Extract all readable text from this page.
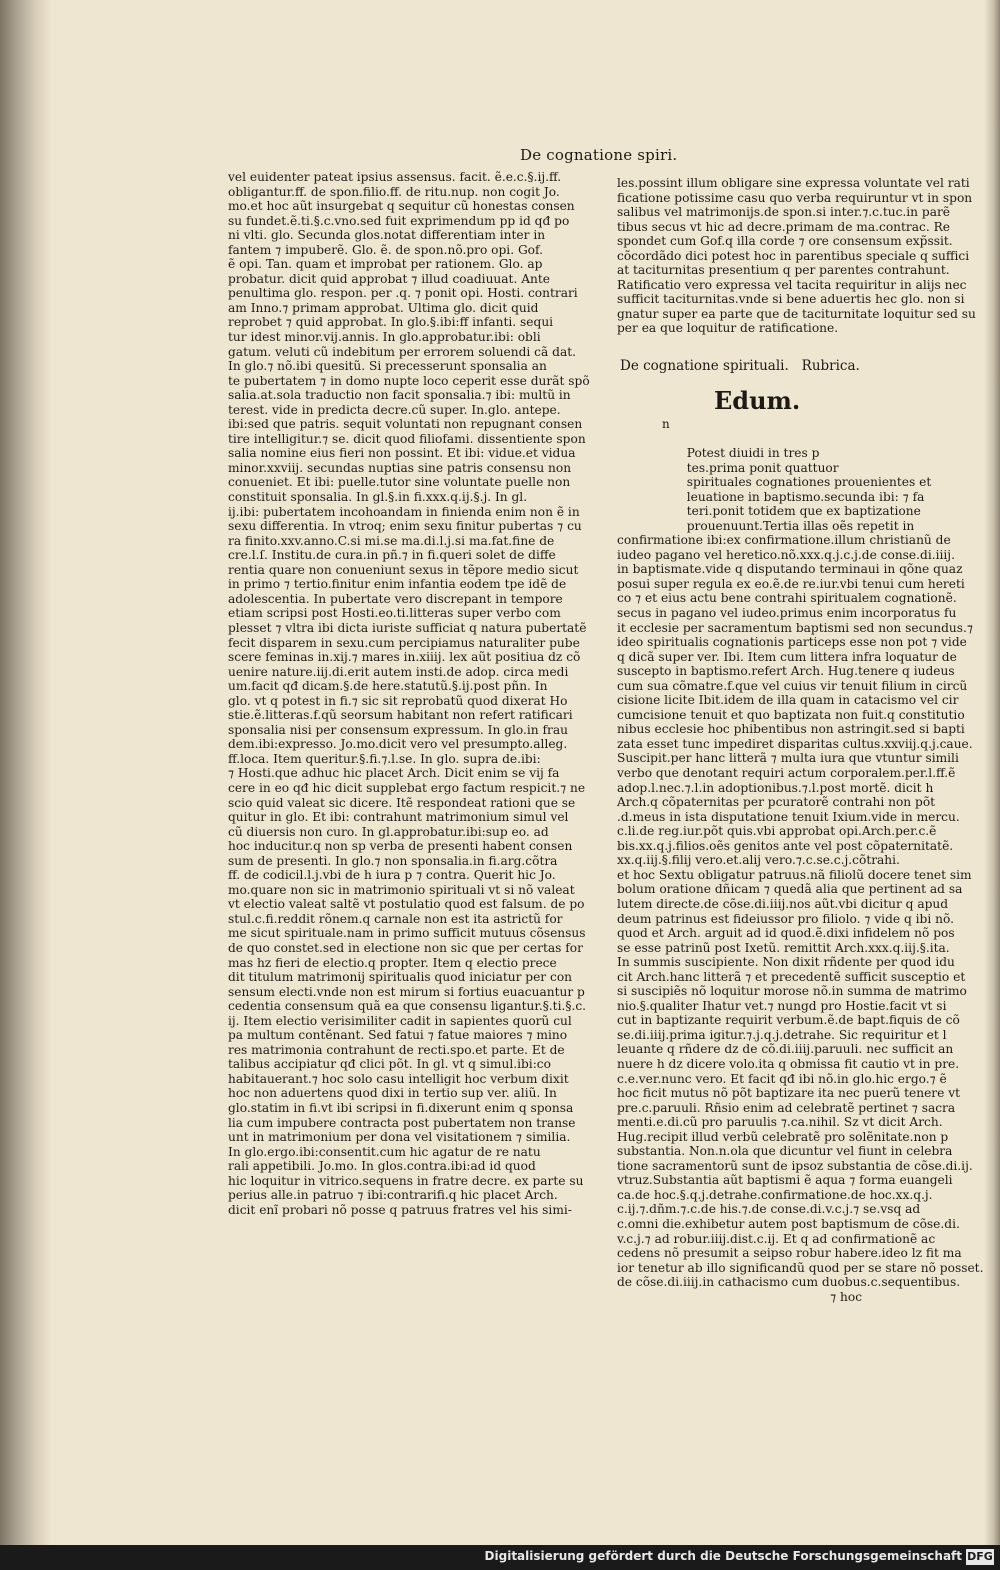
De cognatione spiri.
vel euidenter pateat ipsius assensus. facit. ẽ.e.c.§.ij.ff.
obligantur.ff. de spon.filio.ff. de ritu.nup. non cogit Jo.
mo.et hoc aũt insurgebat q sequitur cũ honestas consen
su fundet.ẽ.ti.§.c.vno.sed fuit exprimendum pp id qđ po
ni vlti. glo. Secunda glos.notat differentiam inter in
fantem ⁊ impuberẽ. Glo. ẽ. de spon.nõ.pro opi. Gof.
ẽ opi. Tan. quam et improbat per rationem. Glo. ap
probatur. dicit quid approbat ⁊ illud coadiuuat. Ante
penultima glo. respon. per .q. ⁊ ponit opi. Hosti. contrari
am Inno.⁊ primam approbat. Ultima glo. dicit quid
reprobet ⁊ quid approbat. In glo.§.ibi:ff infanti. sequi
tur idest minor.vij.annis. In glo.approbatur.ibi: obli
gatum. veluti cũ indebitum per errorem soluendi cã dat.
In glo.⁊ nõ.ibi quesitũ. Si precesserunt sponsalia an
te pubertatem ⁊ in domo nupte loco ceperit esse durãt spõ
salia.at.sola traductio non facit sponsalia.⁊ ibi: multũ in
terest. vide in predicta decre.cũ super. In.glo. antepe.
ibi:sed que patris. sequit voluntati non repugnant consen
tire intelligitur.⁊ se. dicit quod filiofami. dissentiente spon
salia nomine eius fieri non possint. Et ibi: vidue.et vidua
minor.xxviij. secundas nuptias sine patris consensu non
conueniet. Et ibi: puelle.tutor sine voluntate puelle non
constituit sponsalia. In gl.§.in fi.xxx.q.ij.§.j. In gl.
ij.ibi: pubertatem incohoandam in finienda enim non ẽ in
sexu differentia. In vtroq; enim sexu finitur pubertas ⁊ cu
ra finito.xxv.anno.C.si mi.se ma.di.l.j.si ma.fat.fine de
cre.l.ſ. Institu.de cura.in pñ.⁊ in fi.queri solet de diffe
rentia quare non conueniunt sexus in tẽpore medio sicut
in primo ⁊ tertio.finitur enim infantia eodem tpe idẽ de
adolescentia. In pubertate vero discrepant in tempore
etiam scripsi post Hosti.eo.ti.litteras super verbo com
plesset ⁊ vltra ibi dicta iuriste sufficiat q natura pubertatẽ
fecit disparem in sexu.cum percipiamus naturaliter pube
scere feminas in.xij.⁊ mares in.xiiij. lex aũt positiua dz cõ
uenire nature.iij.di.erit autem insti.de adop. circa medi
um.facit qđ dicam.§.de here.statutũ.§.ij.post pñn. In
glo. vt q potest in fi.⁊ sic sit reprobatũ quod dixerat Ho
stie.ẽ.litteras.f.qũ seorsum habitant non refert ratificari
sponsalia nisi per consensum expressum. In glo.in frau
dem.ibi:expresso. Jo.mo.dicit vero vel presumpto.alleg.
ff.loca. Item queritur.§.fi.⁊.l.se. In glo. supra de.ibi:
⁊ Hosti.que adhuc hic placet Arch. Dicit enim se vij fa
cere in eo qđ hic dicit supplebat ergo factum respicit.⁊ ne
scio quid valeat sic dicere. Itẽ respondeat rationi que se
quitur in glo. Et ibi: contrahunt matrimonium simul vel
cũ diuersis non curo. In gl.approbatur.ibi:sup eo. ad
hoc inducitur.q non sp verba de presenti habent consen
sum de presenti. In glo.⁊ non sponsalia.in fi.arg.cõtra
ff. de codicil.l.j.vbi de h iura p ⁊ contra. Querit hic Jo.
mo.quare non sic in matrimonio spirituali vt si nõ valeat
vt electio valeat saltẽ vt postulatio quod est falsum. de po
stul.c.fi.reddit rõnem.q carnale non est ita astrictũ for
me sicut spirituale.nam in primo sufficit mutuus cõsensus
de quo constet.sed in electione non sic que per certas for
mas hz fieri de electio.q propter. Item q electio prece
dit titulum matrimonij spiritualis quod iniciatur per con
sensum electi.vnde non est mirum si fortius euacuantur p
cedentia consensum quã ea que consensu ligantur.§.ti.§.c.
ij. Item electio verisimiliter cadit in sapientes quorũ cul
pa multum contẽnant. Sed fatui ⁊ fatue maiores ⁊ mino
res matrimonia contrahunt de recti.spo.et parte. Et de
talibus accipiatur qđ clici põt. In gl. vt q simul.ibi:co
habitauerant.⁊ hoc solo casu intelligit hoc verbum dixit
hoc non aduertens quod dixi in tertio sup ver. aliũ. In
glo.statim in fi.vt ibi scripsi in fi.dixerunt enim q sponsa
lia cum impubere contracta post pubertatem non transe
unt in matrimonium per dona vel visitationem ⁊ similia.
In glo.ergo.ibi:consentit.cum hic agatur de re natu
rali appetibili. Jo.mo. In glos.contra.ibi:ad id quod
hic loquitur in vitrico.sequens in fratre decre. ex parte su
perius alle.in patruo ⁊ ibi:contrarifi.q hic placet Arch.
dicit enĩ probari nõ posse q patruus fratres vel his simi-
les.possint illum obligare sine expressa voluntate vel rati
ficatione potissime casu quo verba requiruntur vt in spon
salibus vel matrimonijs.de spon.si inter.⁊.c.tuc.in parẽ
tibus secus vt hic ad decre.primam de ma.contrac. Re
spondet cum Gof.q illa corde ⁊ ore consensum exp̃ssit.
cõcordãdo dici potest hoc in parentibus speciale q suffici
at taciturnitas presentium q per parentes contrahunt.
Ratificatio vero expressa vel tacita requiritur in alijs nec
sufficit taciturnitas.vnde si bene aduertis hec glo. non si
gnatur super ea parte que de taciturnitate loquitur sed su
per ea que loquitur de ratificatione.
De cognatione spirituali.   Rubrica.
Edum.
n
Potest diuidi in tres p
tes.prima ponit quattuor
spirituales cognationes prouenientes et
leuatione in baptismo.secunda ibi: ⁊ fa
teri.ponit totidem que ex baptizatione
prouenuunt.Tertia illas oẽs repetit in
confirmatione ibi:ex confirmatione.illum christianũ de
iudeo pagano vel heretico.nõ.xxx.q.j.c.j.de conse.di.iiij.
in baptismate.vide q disputando terminaui in qõne quaz
posui super regula ex eo.ẽ.de re.iur.vbi tenui cum hereti
co ⁊ et eius actu bene contrahi spiritualem cognationẽ.
secus in pagano vel iudeo.primus enim incorporatus fu
it ecclesie per sacramentum baptismi sed non secundus.⁊
ideo spiritualis cognationis particeps esse non pot ⁊ vide
q dicã super ver. Ibi. Item cum littera infra loquatur de
suscepto in baptismo.refert Arch. Hug.tenere q iudeus
cum sua cõmatre.f.que vel cuius vir tenuit filium in circũ
cisione licite Ibit.idem de illa quam in catacismo vel cir
cumcisione tenuit et quo baptizata non fuit.q constitutio
nibus ecclesie hoc phibentibus non astringit.sed si bapti
zata esset tunc impediret disparitas cultus.xxviij.q.j.caue.
Suscipit.per hanc litterã ⁊ multa iura que vtuntur simili
verbo que denotant requiri actum corporalem.per.l.ff.ẽ
adop.l.nec.⁊.l.in adoptionibus.⁊.l.post mortẽ. dicit h
Arch.q cõpaternitas per pcuratorẽ contrahi non põt
.d.meus in ista disputatione tenuit Ixium.vide in mercu.
c.li.de reg.iur.põt quis.vbi approbat opi.Arch.per.c.ẽ
bis.xx.q.j.filios.oẽs genitos ante vel post cõpaternitatẽ.
xx.q.iij.§.filij vero.et.alij vero.⁊.c.se.c.j.cõtrahi.
et hoc Sextu obligatur patruus.nã filiolũ docere tenet sim
bolum oratione dñicam ⁊ quedã alia que pertinent ad sa
lutem directe.de cõse.di.iiij.nos aũt.vbi dicitur q apud
deum patrinus est fideiussor pro filiolo. ⁊ vide q ibi nõ.
quod et Arch. arguit ad id quod.ẽ.dixi infidelem nõ pos
se esse patrinũ post Ixetũ. remittit Arch.xxx.q.iij.§.ita.
In summis suscipiente. Non dixit rñdente per quod idu
cit Arch.hanc litterã ⁊ et precedentẽ sufficit susceptio et
si suscipiẽs nõ loquitur morose nõ.in summa de matrimo
nio.§.qualiter Ihatur vet.⁊ nungd pro Hostie.facit vt si
cut in baptizante requirit verbum.ẽ.de bapt.fiquis de cõ
se.di.iiij.prima igitur.⁊.j.q.j.detrahe. Sic requiritur et l
leuante q rñdere dz de cõ.di.iiij.paruuli. nec sufficit an
nuere h dz dicere volo.ita q obmissa fit cautio vt in pre.
c.e.ver.nunc vero. Et facit qđ ibi nõ.in glo.hic ergo.⁊ ẽ
hoc ficit mutus nõ põt baptizare ita nec puerũ tenere vt
pre.c.paruuli. Rñsio enim ad celebratẽ pertinet ⁊ sacra
menti.e.di.cũ pro paruulis ⁊.ca.nihil. Sz vt dicit Arch.
Hug.recipit illud verbũ celebratẽ pro solẽnitate.non p
substantia. Non.n.ola que dicuntur vel fiunt in celebra
tione sacramentorũ sunt de ipsoz substantia de cõse.di.ij.
vtruz.Substantia aũt baptismi ẽ aqua ⁊ forma euangeli
ca.de hoc.§.q.j.detrahe.confirmatione.de hoc.xx.q.j.
c.ij.⁊.dñm.⁊.c.de his.⁊.de conse.di.v.c.j.⁊ se.vsq ad
c.omni die.exhibetur autem post baptismum de cõse.di.
v.c.j.⁊ ad robur.iiij.dist.c.ij. Et q ad confirmationẽ ac
cedens nõ presumit a seipso robur habere.ideo lz fit ma
ior tenetur ab illo significandũ quod per se stare nõ posset.
de cõse.di.iiij.in cathacismo cum duobus.c.sequentibus.
⁊ hoc
Digitalisierung gefördert durch die Deutsche Forschungsgemeinschaft DFG
